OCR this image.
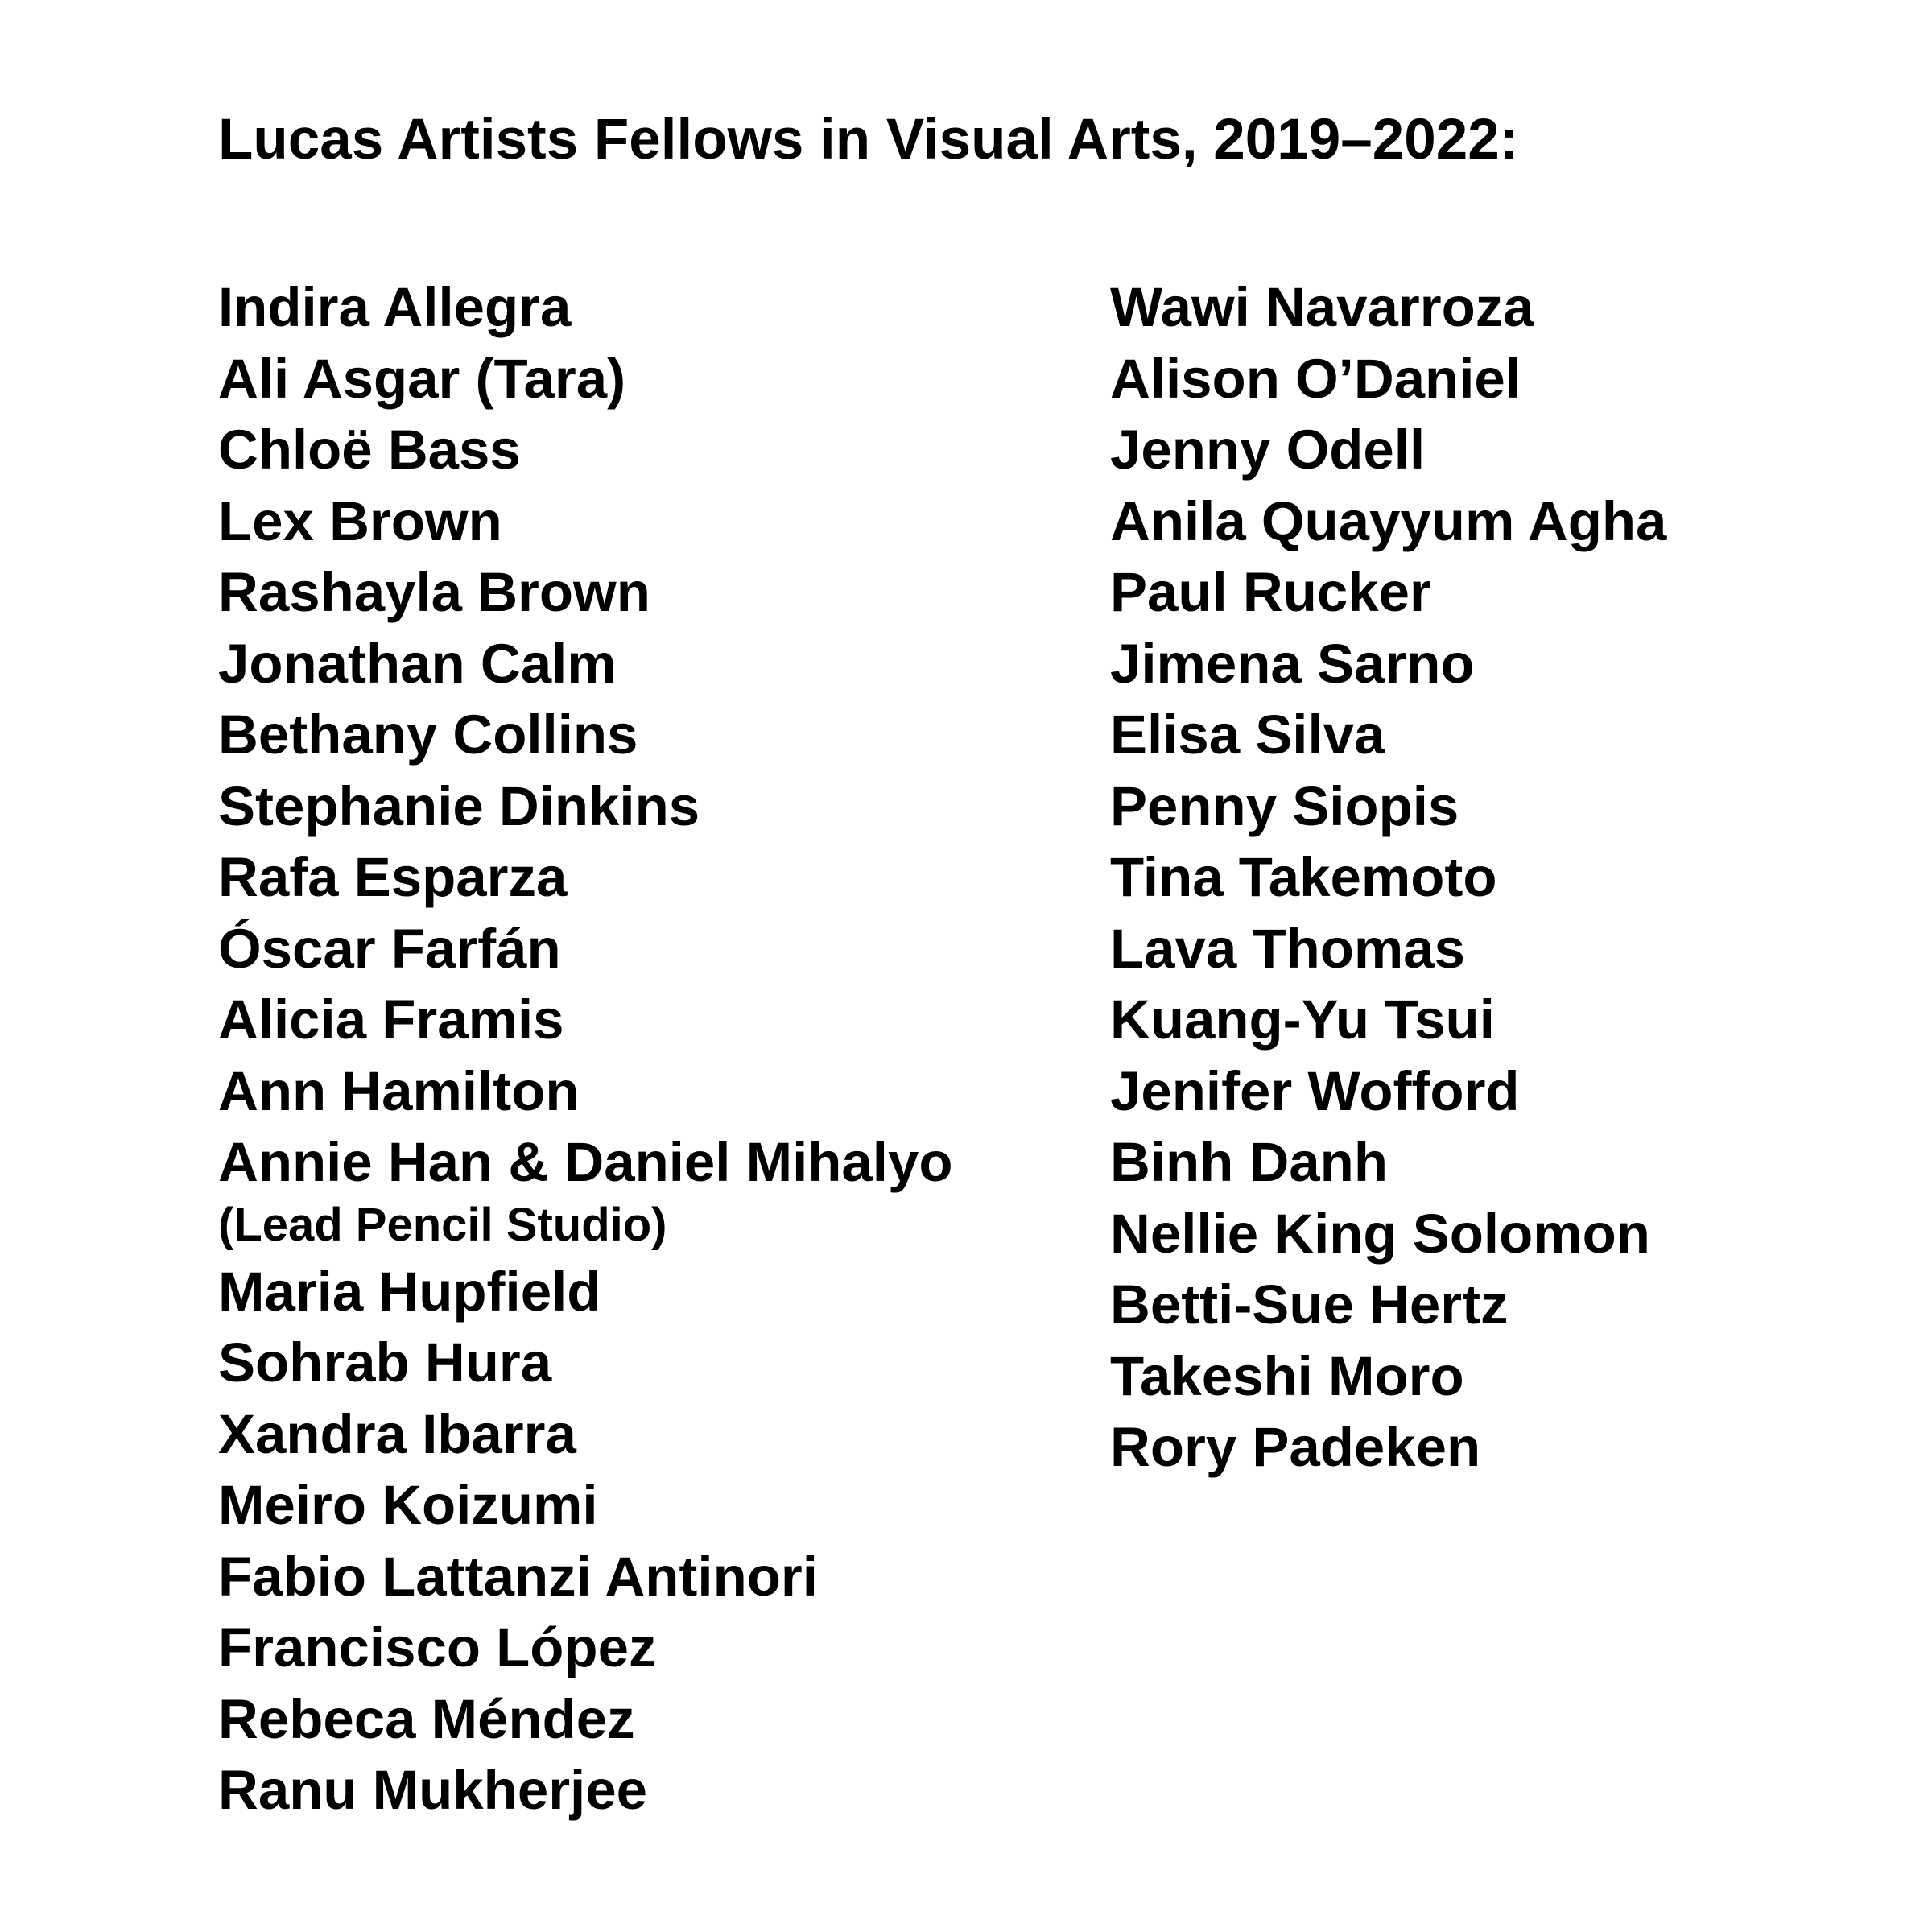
Lucas Artists Fellows in Visual Arts, 2019–2022:
Indira Allegra
Ali Asgar (Tara)
Chloë Bass
Lex Brown
Rashayla Brown
Jonathan Calm
Bethany Collins
Stephanie Dinkins
Rafa Esparza
Óscar Farfán
Alicia Framis
Ann Hamilton
Annie Han & Daniel Mihalyo
(Lead Pencil Studio)
Maria Hupfield
Sohrab Hura
Xandra Ibarra
Meiro Koizumi
Fabio Lattanzi Antinori
Francisco López
Rebeca Méndez
Ranu Mukherjee
Wawi Navarroza
Alison O’Daniel
Jenny Odell
Anila Quayyum Agha
Paul Rucker
Jimena Sarno
Elisa Silva
Penny Siopis
Tina Takemoto
Lava Thomas
Kuang-Yu Tsui
Jenifer Wofford
Binh Danh
Nellie King Solomon
Betti-Sue Hertz
Takeshi Moro
Rory Padeken
